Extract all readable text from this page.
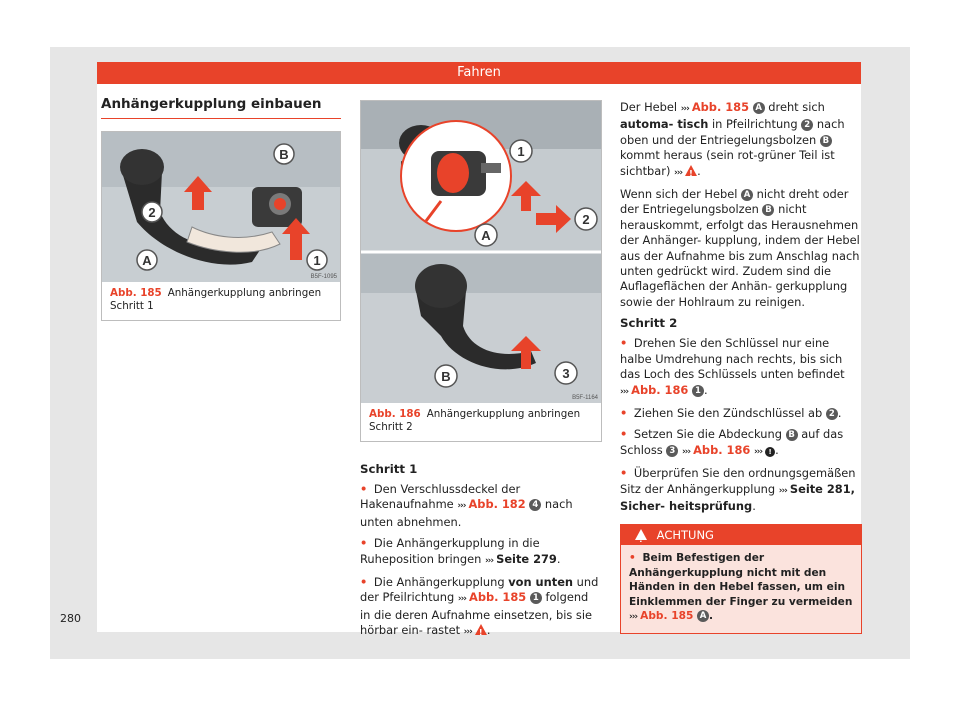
Fahren
Anhängerkupplung einbauen
B
2
A	1
B5F-1095
Abb. 185 Anhängerkupplung anbringen Schritt 1
1
2
A
B	3
B5F-1164
Abb. 186 Anhängerkupplung anbringen Schritt 2
Schritt 1

• Den Verschlussdeckel der Hakenaufnahme ››› Abb. 182 4 nach unten abnehmen.

• Die Anhängerkupplung in die Ruheposition bringen ››› Seite 279.

• Die Anhängerkupplung von unten und der Pfeilrichtung ››› Abb. 185 1 folgend in die deren Aufnahme einsetzen, bis sie hörbar ein- rastet ›››! .

Der Hebel ››› Abb. 185 A dreht sich automa- tisch in Pfeilrichtung 2 nach oben und der Entriegelungsbolzen B kommt heraus (sein rot-grüner Teil ist sichtbar) ›››! .

Wenn sich der Hebel A nicht dreht oder der Entriegelungsbolzen B nicht herauskommt, erfolgt das Herausnehmen der Anhänger- kupplung, indem der Hebel aus der Aufnahme bis zum Anschlag nach unten gedrückt wird. Zudem sind die Auflageflächen der Anhän- gerkupplung sowie der Hohlraum zu reinigen.

Schritt 2

• Drehen Sie den Schlüssel nur eine halbe Umdrehung nach rechts, bis sich das Loch des Schlüssels unten befindet ››› Abb. 186 1 .

• Ziehen Sie den Zündschlüssel ab 2 .

• Setzen Sie die Abdeckung B auf das Schloss 3 ››› Abb. 186 ››› ! .

• Überprüfen Sie den ordnungsgemäßen Sitz der Anhängerkupplung ››› Seite 281, Sicher- heitsprüfung.

! ACHTUNG
• Beim Befestigen der Anhängerkupplung nicht mit den Händen in den Hebel fassen, um ein Einklemmen der Finger zu vermeiden ››› Abb. 185 A .
280
